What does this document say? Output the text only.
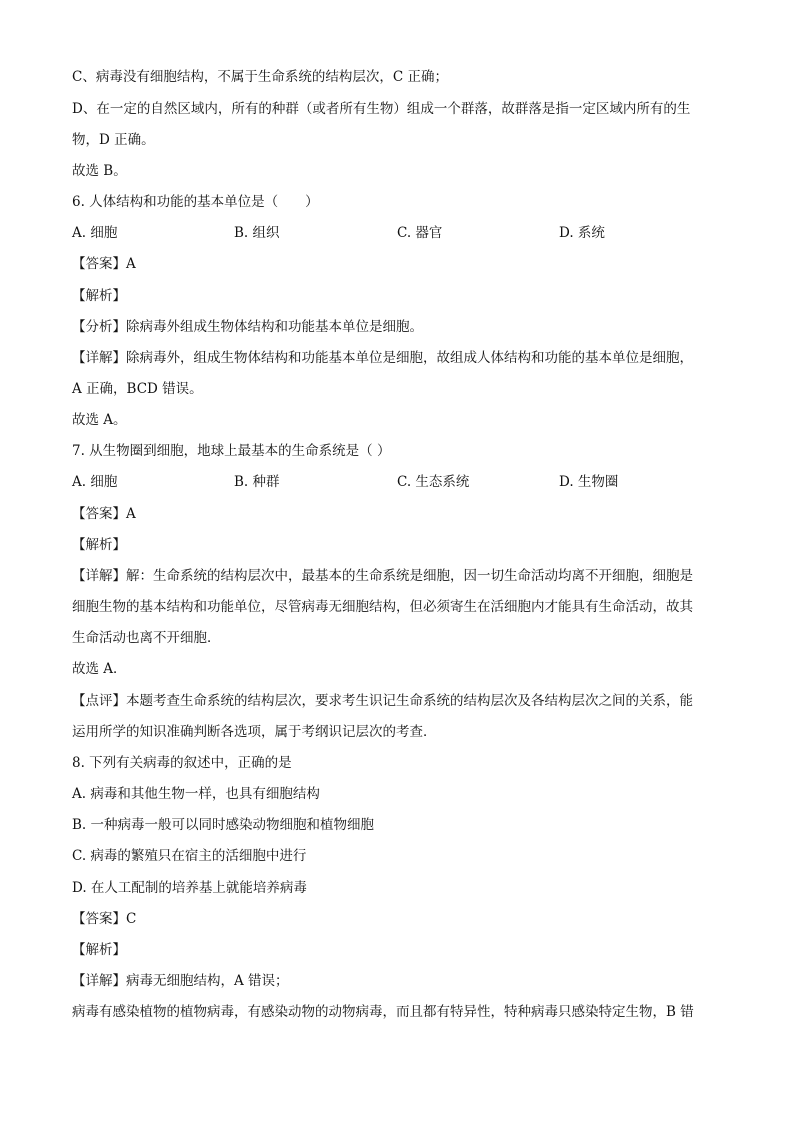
C、病毒没有细胞结构，不属于生命系统的结构层次，C 正确；
D、在一定的自然区域内，所有的种群（或者所有生物）组成一个群落，故群落是指一定区域内所有的生
物，D 正确。
故选 B。
6. 人体结构和功能的基本单位是（　　）
A. 细胞	B. 组织	C. 器官	D. 系统
【答案】A
【解析】
【分析】除病毒外组成生物体结构和功能基本单位是细胞。
【详解】除病毒外，组成生物体结构和功能基本单位是细胞，故组成人体结构和功能的基本单位是细胞，
A 正确，BCD 错误。
故选 A。
7. 从生物圈到细胞，地球上最基本的生命系统是（ ）
A. 细胞	B. 种群	C. 生态系统	D. 生物圈
【答案】A
【解析】
【详解】解：生命系统的结构层次中，最基本的生命系统是细胞，因一切生命活动均离不开细胞，细胞是
细胞生物的基本结构和功能单位，尽管病毒无细胞结构，但必须寄生在活细胞内才能具有生命活动，故其
生命活动也离不开细胞．
故选 A．
【点评】本题考查生命系统的结构层次，要求考生识记生命系统的结构层次及各结构层次之间的关系，能
运用所学的知识准确判断各选项，属于考纲识记层次的考查．
8. 下列有关病毒的叙述中，正确的是
A. 病毒和其他生物一样，也具有细胞结构
B. 一种病毒一般可以同时感染动物细胞和植物细胞
C. 病毒的繁殖只在宿主的活细胞中进行
D. 在人工配制的培养基上就能培养病毒
【答案】C
【解析】
【详解】病毒无细胞结构，A 错误；
病毒有感染植物的植物病毒，有感染动物的动物病毒，而且都有特异性，特种病毒只感染特定生物，B 错
